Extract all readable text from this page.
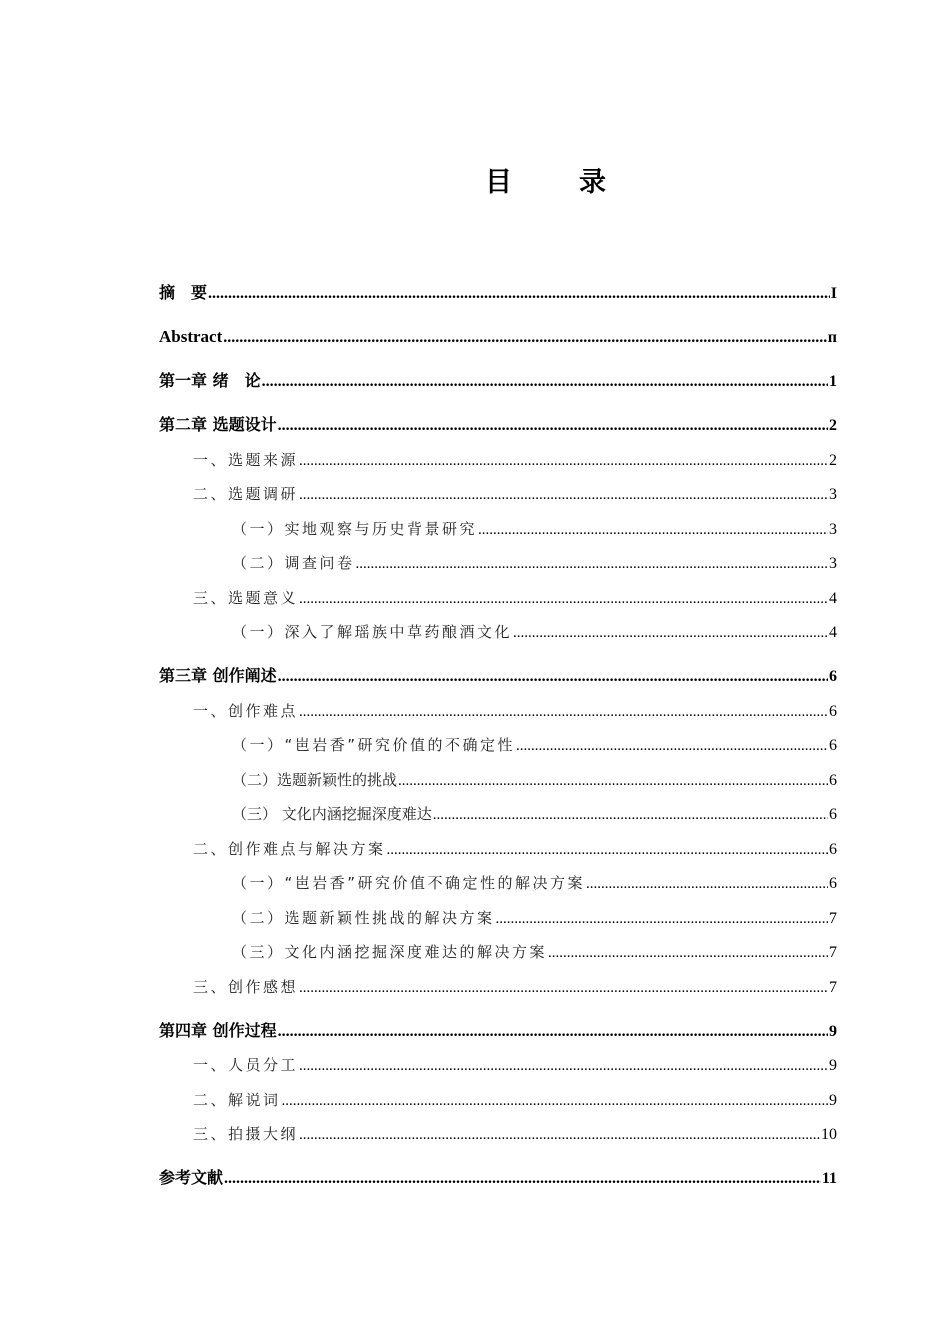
目　录
摘　要 .....	I
Abstract .....	п
第一章 绪　论 .....	1
第二章 选题设计 .....	2
一、选题来源 .....	2
二、选题调研 .....	3
（一）实地观察与历史背景研究 .....	3
（二）调查问卷 .....	3
三、选题意义 .....	4
（一）深入了解瑶族中草药酿酒文化 .....	4
第三章 创作阐述 .....	6
一、创作难点 .....	6
（一）“岜岩香”研究价值的不确定性 .....	6
（二）选题新颖性的挑战 .....	6
（三） 文化内涵挖掘深度难达 .....	6
二、创作难点与解决方案 .....	6
（一）“岜岩香”研究价值不确定性的解决方案 .....	6
（二）选题新颖性挑战的解决方案 .....	7
（三）文化内涵挖掘深度难达的解决方案 .....	7
三、创作感想 .....	7
第四章 创作过程 .....	9
一、人员分工 .....	9
二、解说词 .....	9
三、拍摄大纲 .....	10
参考文献 .....	11
